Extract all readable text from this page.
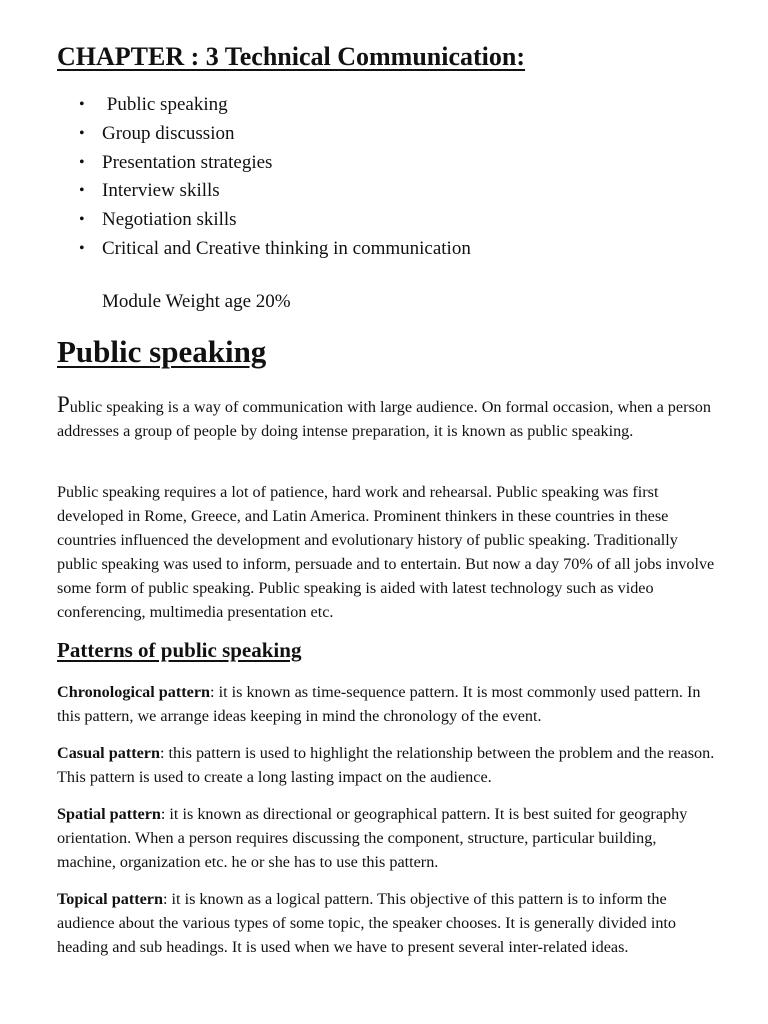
CHAPTER : 3 Technical Communication:
• Public speaking
• Group discussion
• Presentation strategies
• Interview skills
• Negotiation skills
• Critical and Creative thinking in communication

Module Weight age 20%

Public speaking

Public speaking is a way of communication with large audience. On formal occasion, when a person addresses a group of people by doing intense preparation, it is known as public speaking.

Public speaking requires a lot of patience, hard work and rehearsal. Public speaking was first developed in Rome, Greece, and Latin America. Prominent thinkers in these countries in these countries influenced the development and evolutionary history of public speaking. Traditionally public speaking was used to inform, persuade and to entertain. But now a day 70% of all jobs involve some form of public speaking. Public speaking is aided with latest technology such as video conferencing, multimedia presentation etc.

Patterns of public speaking

Chronological pattern: it is known as time-sequence pattern. It is most commonly used pattern. In this pattern, we arrange ideas keeping in mind the chronology of the event.

Casual pattern: this pattern is used to highlight the relationship between the problem and the reason. This pattern is used to create a long lasting impact on the audience.

Spatial pattern: it is known as directional or geographical pattern. It is best suited for geography orientation. When a person requires discussing the component, structure, particular building, machine, organization etc. he or she has to use this pattern.

Topical pattern: it is known as a logical pattern. This objective of this pattern is to inform the audience about the various types of some topic, the speaker chooses. It is generally divided into heading and sub headings. It is used when we have to present several inter-related ideas.
